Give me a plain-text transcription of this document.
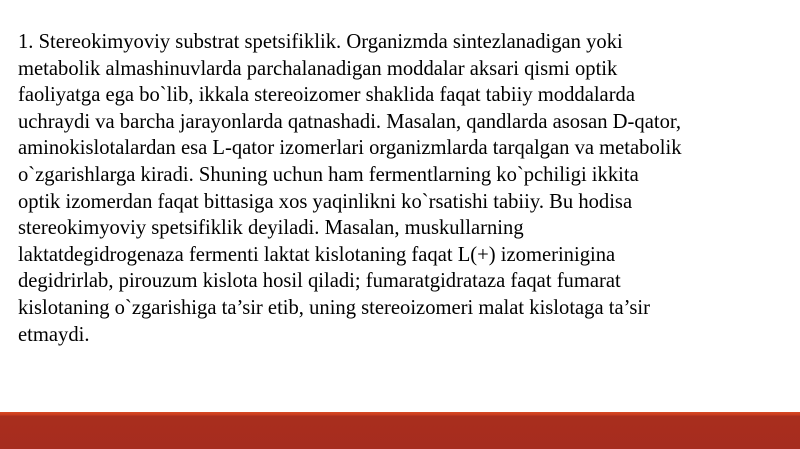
1. Stereokimyoviy substrat spetsifiklik. Organizmda sintezlanadigan yoki
metabolik almashinuvlarda parchalanadigan moddalar aksari qismi optik
faoliyatga ega bo`lib, ikkala stereoizomer shaklida faqat tabiiy moddalarda
uchraydi va barcha jarayonlarda qatnashadi. Masalan, qandlarda asosan D-qator,
aminokislotalardan esa L-qator izomerlari organizmlarda tarqalgan va metabolik
o`zgarishlarga kiradi. Shuning uchun ham fermentlarning ko`pchiligi ikkita
optik izomerdan faqat bittasiga xos yaqinlikni ko`rsatishi tabiiy. Bu hodisa
stereokimyoviy spetsifiklik deyiladi. Masalan, muskullarning
laktatdegidrogenaza fermenti laktat kislotaning faqat L(+) izomerinigina
degidrirlab, pirouzum kislota hosil qiladi; fumaratgidrataza faqat fumarat
kislotaning o`zgarishiga ta’sir etib, uning stereoizomeri malat kislotaga ta’sir
etmaydi.
